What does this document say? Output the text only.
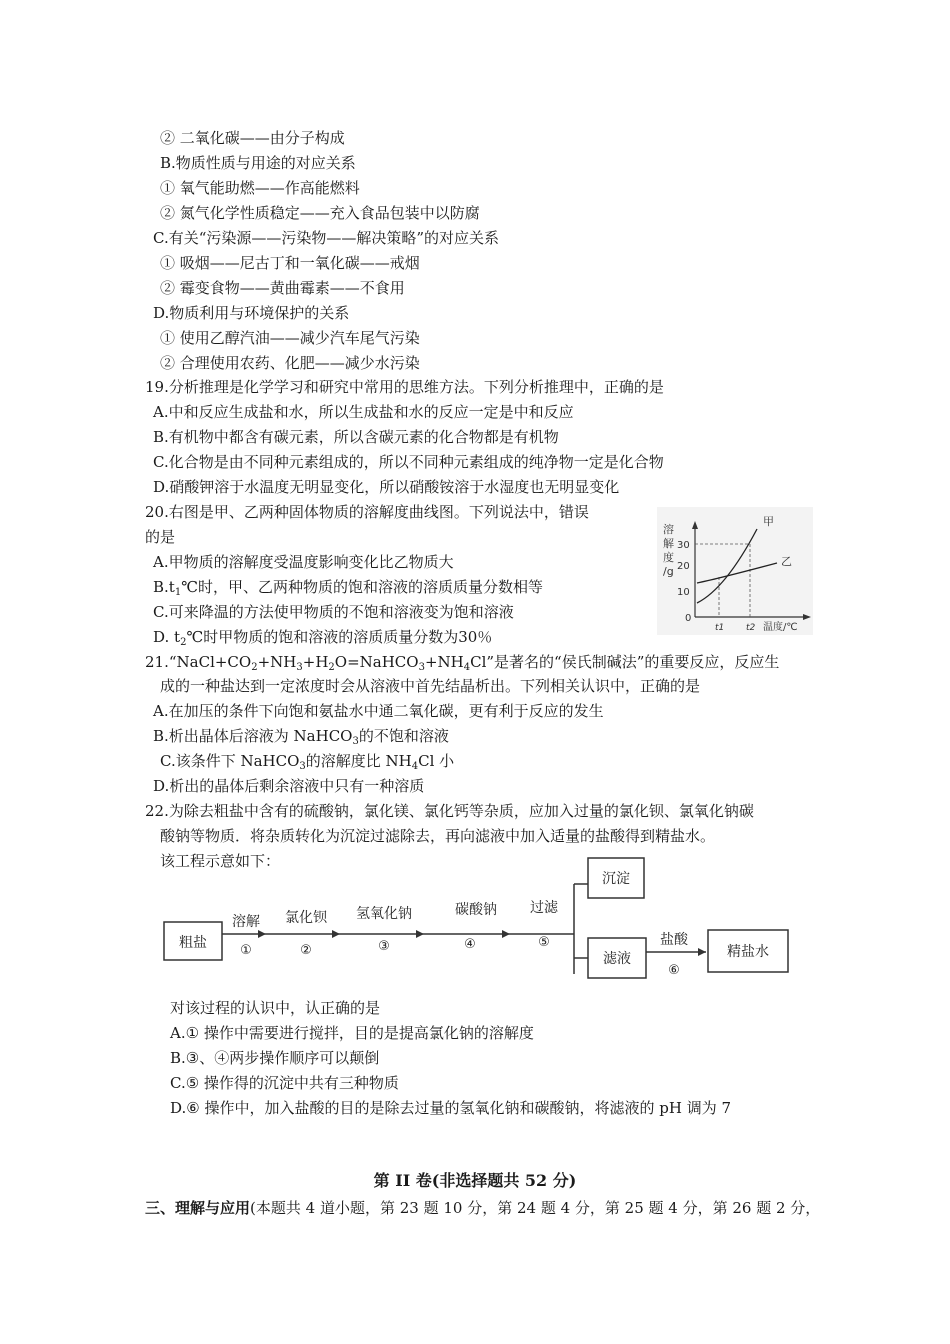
② 二氧化碳——由分子构成
B.物质性质与用途的对应关系
① 氧气能助燃——作高能燃料
② 氮气化学性质稳定——充入食品包装中以防腐
C.有关“污染源——污染物——解决策略”的对应关系
① 吸烟——尼古丁和一氧化碳——戒烟
② 霉变食物——黄曲霉素——不食用
D.物质利用与环境保护的关系
① 使用乙醇汽油——减少汽车尾气污染
② 合理使用农药、化肥——减少水污染
19.分析推理是化学学习和研究中常用的思维方法。下列分析推理中，正确的是
A.中和反应生成盐和水，所以生成盐和水的反应一定是中和反应
B.有机物中都含有碳元素，所以含碳元素的化合物都是有机物
C.化合物是由不同种元素组成的，所以不同种元素组成的纯净物一定是化合物
D.硝酸钾溶于水温度无明显变化，所以硝酸铵溶于水湿度也无明显变化
20.右图是甲、乙两种固体物质的溶解度曲线图。下列说法中，错误
的是
A.甲物质的溶解度受温度影响变化比乙物质大
$B.t_1℃$时，甲、乙两种物质的饱和溶液的溶质质量分数相等
C.可来降温的方法使甲物质的不饱和溶液变为饱和溶液
D. $t_2℃$时甲物质的饱和溶液的溶质质量分数为30％
$21.“NaCl+CO_2+NH_3+H_2O=NaHCO_3+NH_4Cl$”是著名的“侯氏制碱法”的重要反应，反应生
成的一种盐达到一定浓度时会从溶液中首先结晶析出。下列相关认识中，正确的是
A.在加压的条件下向饱和氨盐水中通二氧化碳，更有利于反应的发生
B.析出晶体后溶液为 NaHCO$_3$的不饱和溶液
C.该条件下 NaHCO$_3$的溶解度比 $NH_4Cl$ 小
D.析出的晶体后剩余溶液中只有一种溶质
22.为除去粗盐中含有的硫酸钠，氯化镁、氯化钙等杂质，应加入过量的氯化钡、氯氧化钠碳
酸钠等物质．将杂质转化为沉淀过滤除去，再向滤液中加入适量的盐酸得到精盐水。
该工程示意如下：
对该过程的认识中，认正确的是
A.① 操作中需要进行搅拌，目的是提高氯化钠的溶解度
B.③、④两步操作顺序可以颠倒
C.⑤ 操作得的沉淀中共有三种物质
D.⑥ 操作中，加入盐酸的目的是除去过量的氢氧化钠和碳酸钠，将滤液的 pH 调为 7
第 II 卷(非选择题共 52 分)
三、理解与应用(本题共 4 道小题，第 23 题 10 分，第 24 题 4 分，第 25 题 4 分，第 26 题 2 分，
溶
解
度
/g
30
20
10
0
t1 t2 温度/℃
甲
乙
粗盐
溶解
①
氯化钡
②
氢氧化钠
③
碳酸钠
④
过滤
⑤
沉淀
滤液
盐酸
⑥
精盐水
